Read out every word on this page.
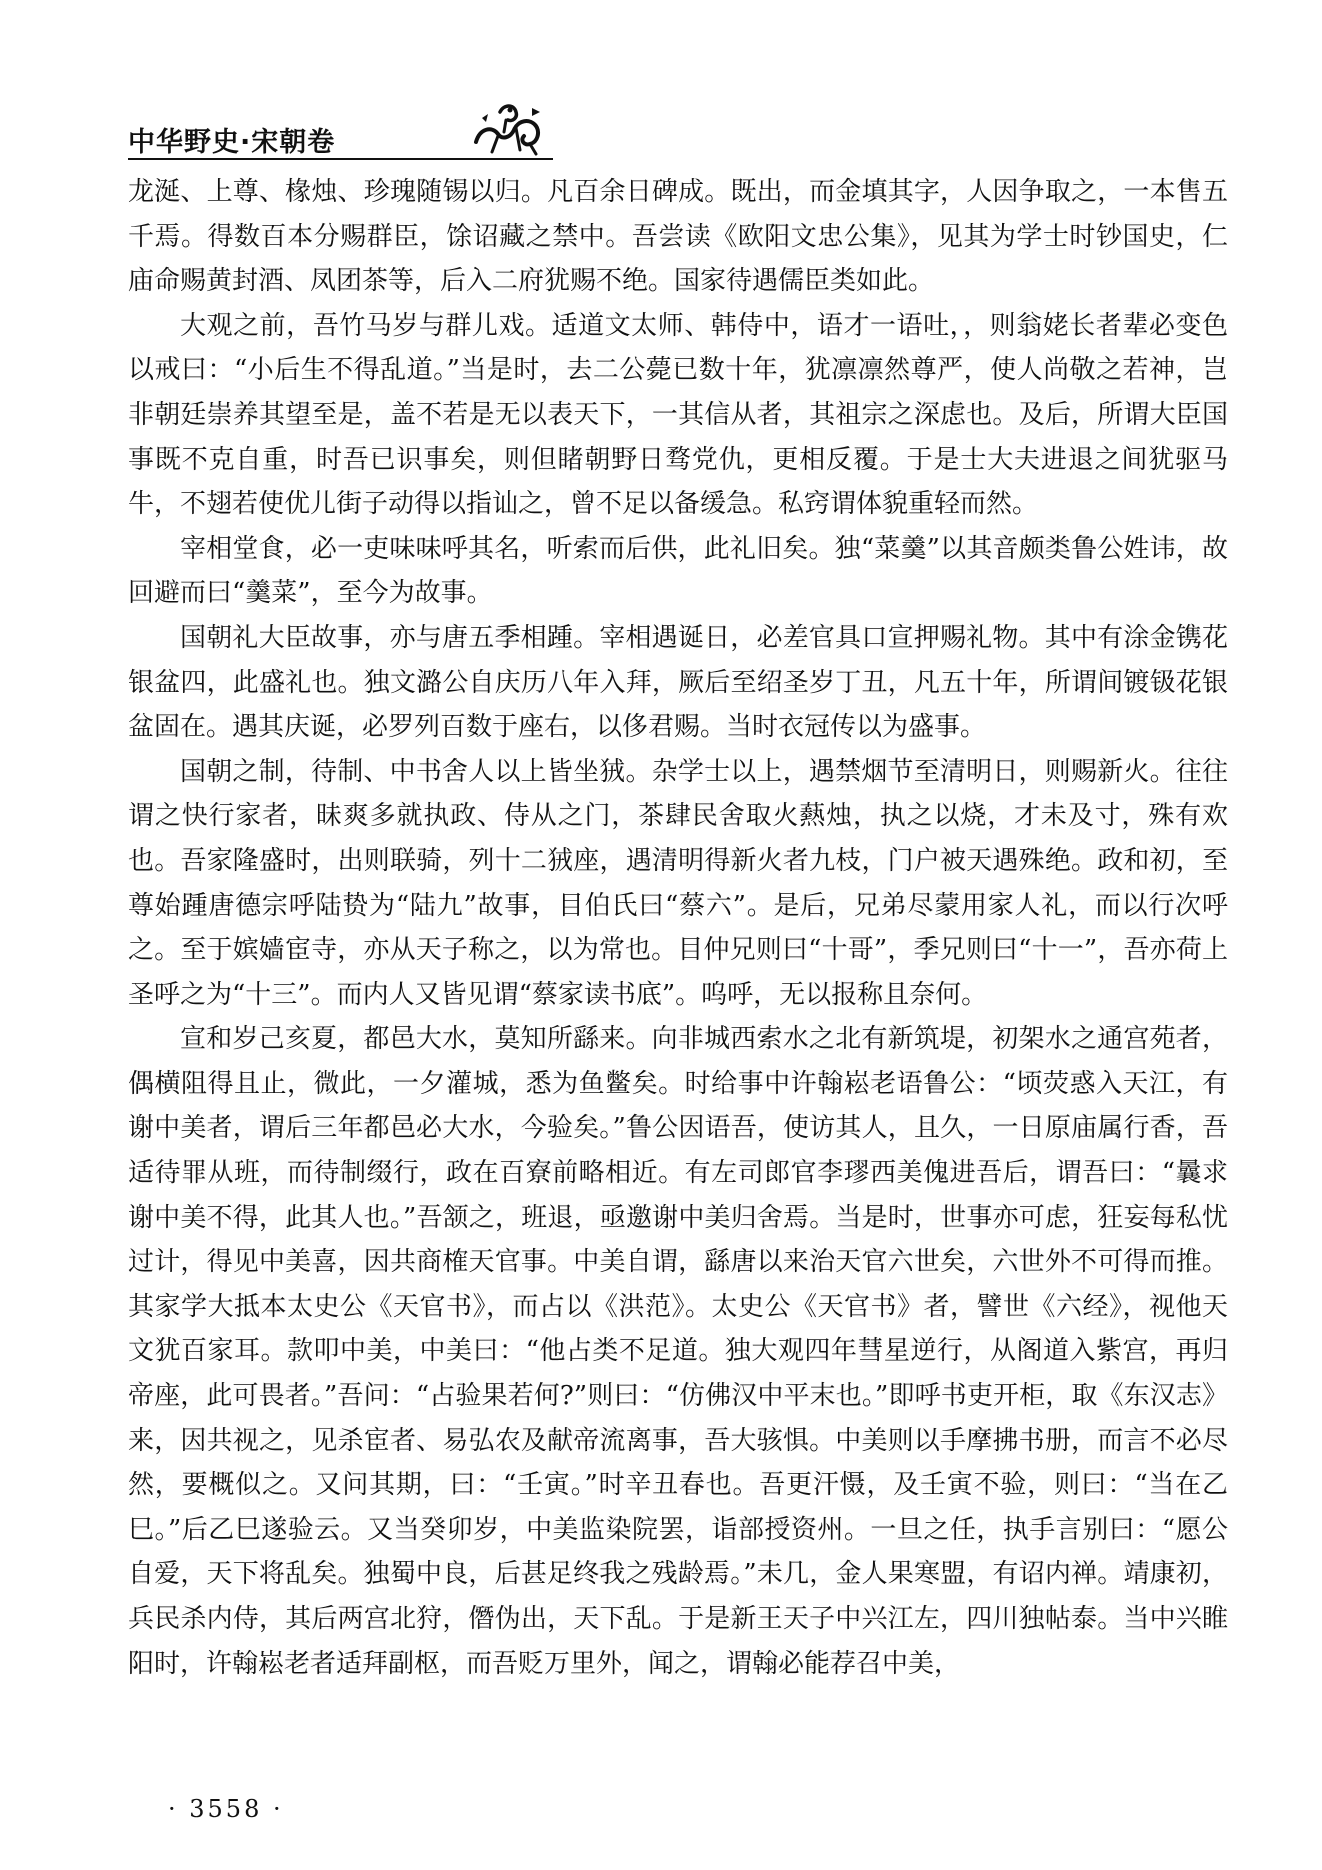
中华野史·宋朝卷

龙涎、上尊、椽烛、珍瑰随锡以归。凡百余日碑成。既出，而金填其字，人因争取之，一本售五千焉。得数百本分赐群臣，馀诏藏之禁中。吾尝读《欧阳文忠公集》，见其为学士时钞国史，仁庙命赐黄封酒、凤团茶等，后入二府犹赐不绝。国家待遇儒臣类如此。

大观之前，吾竹马岁与群儿戏。适道文太师、韩侍中，语才一语吐，，则翁姥长者辈必变色以戒曰：“小后生不得乱道。”当是时，去二公薨已数十年，犹凛凛然尊严，使人尚敬之若神，岂非朝廷崇养其望至是，盖不若是无以表天下，一其信从者，其祖宗之深虑也。及后，所谓大臣国事既不克自重，时吾已识事矣，则但睹朝野日骛党仇，更相反覆。于是士大夫进退之间犹驱马牛，不翅若使优儿街子动得以指讪之，曾不足以备缓急。私窍谓体貌重轻而然。

宰相堂食，必一吏味味呼其名，听索而后供，此礼旧矣。独“菜羹”以其音颇类鲁公姓讳，故回避而曰“羹菜”，至今为故事。

国朝礼大臣故事，亦与唐五季相踵。宰相遇诞日，必差官具口宣押赐礼物。其中有涂金镌花银盆四，此盛礼也。独文潞公自庆历八年入拜，厥后至绍圣岁丁丑，凡五十年，所谓间镀钑花银盆固在。遇其庆诞，必罗列百数于座右，以侈君赐。当时衣冠传以为盛事。

国朝之制，待制、中书舍人以上皆坐狨。杂学士以上，遇禁烟节至清明日，则赐新火。往往谓之快行家者，昧爽多就执政、侍从之门，茶肆民舍取火爇烛，执之以烧，才未及寸，殊有欢也。吾家隆盛时，出则联骑，列十二狨座，遇清明得新火者九枝，门户被天遇殊绝。政和初，至尊始踵唐德宗呼陆贽为“陆九”故事，目伯氏曰“蔡六”。是后，兄弟尽蒙用家人礼，而以行次呼之。至于嫔嫱宦寺，亦从天子称之，以为常也。目仲兄则曰“十哥”，季兄则曰“十一”，吾亦荷上圣呼之为“十三”。而内人又皆见谓“蔡家读书底”。呜呼，无以报称且奈何。

宣和岁己亥夏，都邑大水，莫知所繇来。向非城西索水之北有新筑堤，初架水之通宫苑者，偶横阻得且止，微此，一夕灌城，悉为鱼鳖矣。时给事中许翰崧老语鲁公：“顷荧惑入天江，有谢中美者，谓后三年都邑必大水，今验矣。”鲁公因语吾，使访其人，且久，一日原庙属行香，吾适待罪从班，而待制缀行，政在百寮前略相近。有左司郎官李璆西美傀进吾后，谓吾曰：“曩求谢中美不得，此其人也。”吾颔之，班退，亟邀谢中美归舍焉。当是时，世事亦可虑，狂妄每私忧过计，得见中美喜，因共商榷天官事。中美自谓，繇唐以来治天官六世矣，六世外不可得而推。其家学大抵本太史公《天官书》，而占以《洪范》。太史公《天官书》者，譬世《六经》，视他天文犹百家耳。款叩中美，中美曰：“他占类不足道。独大观四年彗星逆行，从阁道入紫宫，再归帝座，此可畏者。”吾问：“占验果若何?”则曰：“仿佛汉中平末也。”即呼书吏开柜，取《东汉志》来，因共视之，见杀宦者、易弘农及献帝流离事，吾大骇惧。中美则以手摩拂书册，而言不必尽然，要概似之。又问其期，曰：“壬寅。”时辛丑春也。吾更汗慑，及壬寅不验，则曰：“当在乙巳。”后乙巳遂验云。又当癸卯岁，中美监染院罢，诣部授资州。一旦之任，执手言别曰：“愿公自爱，天下将乱矣。独蜀中良，后甚足终我之残龄焉。”未几，金人果寒盟，有诏内禅。靖康初，兵民杀内侍，其后两宫北狩，僭伪出，天下乱。于是新王天子中兴江左，四川独帖泰。当中兴睢阳时，许翰崧老者适拜副枢，而吾贬万里外，闻之，谓翰必能荐召中美，

· 3558 ·
